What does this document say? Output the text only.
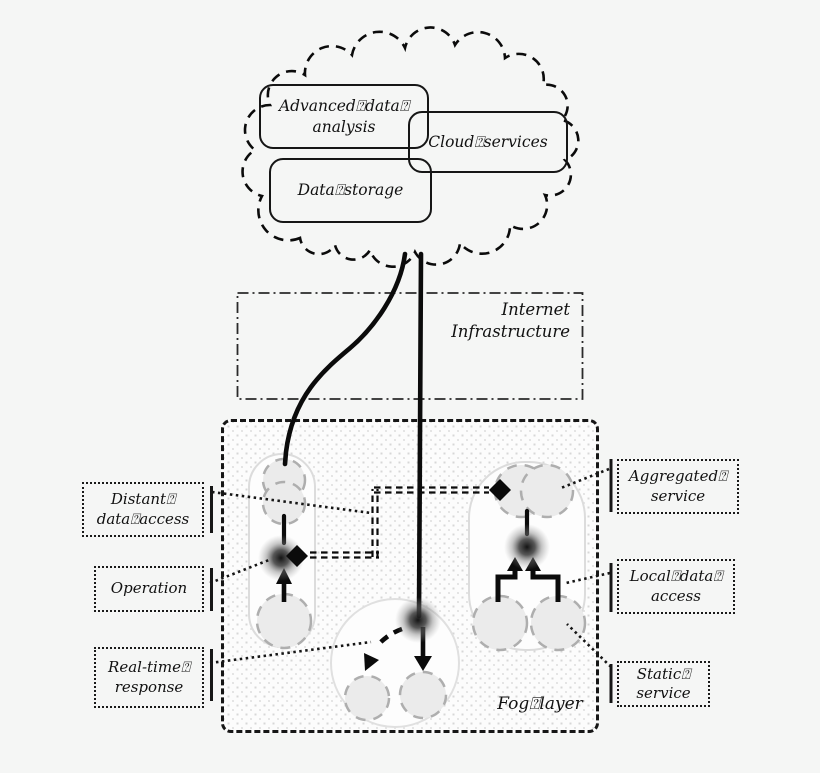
Advanced⍰data⍰
analysis
Cloud⍰services
Data⍰storage
Internet
Infrastructure
Fog⍰layer
Distant⍰
data⍰access
Operation
Real-time⍰
response
Aggregated⍰
service
Local⍰data⍰
access
Static⍰
service
